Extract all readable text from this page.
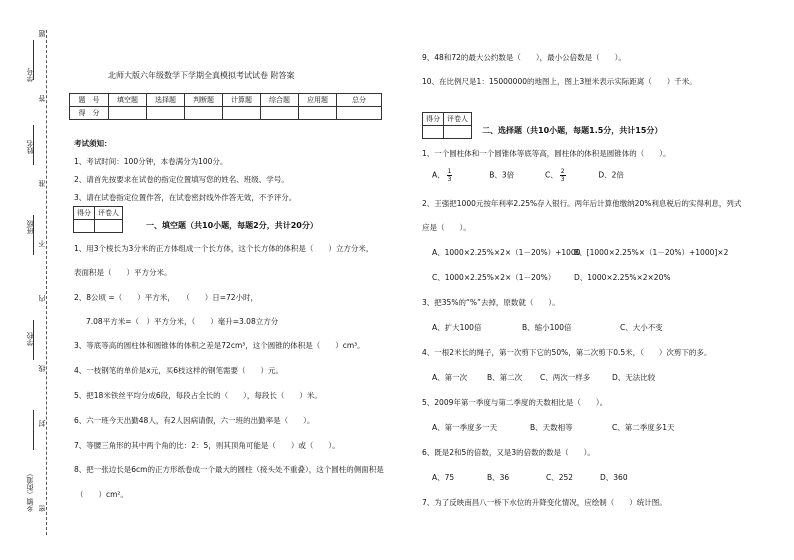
题
学号
答
姓名
准
班级
不
内
学校
线
封
乡镇（街道） 密
北师大版六年级数学下学期全真模拟考试试卷 附答案
题　号	填空题	选择题	判断题	计算题	综合题	应用题	总分
得　分							
考试须知：
1、考试时间：100分钟，本卷满分为100分。
2、请首先按要求在试卷的指定位置填写您的姓名、班级、学号。
3、请在试卷指定位置作答，在试卷密封线外作答无效，不予评分。
得分	评卷人

一、填空题（共10小题，每题2分，共计20分）
1、用3个棱长为3分米的正方体组成一个长方体，这个长方体的体积是（　　）立方分米，
表面积是（　　）平方分米。
2、8公顷 =（　　）平方米，　　（　　）日=72小时，
7.08平方米=（　）平方分米，（　　）毫升=3.08立方分
3、等底等高的圆柱体和圆锥体的体积之差是72cm³，这个圆锥的体积是（　　）cm³。
4、一枝钢笔的单价是x元，买6枝这样的钢笔需要（　　）元。
5、把18米铁丝平均分成6段，每段占全长的（　　），每段长（　　）米。
6、六一班今天出勤48人，有2人因病请假，六一班的出勤率是（　　）。
7、等腰三角形的其中两个角的比：2：5，则其顶角可能是（　　）或（　　）。
8、把一张边长是6cm的正方形纸卷成一个最大的圆柱（接头处不重叠），这个圆柱的侧面积是
（　　）cm²。
9、48和72的最大公约数是（　　），最小公倍数是（　　）。
10、在比例尺是1：15000000的地图上，图上3厘米表示实际距离（　　）千米。
得分	评卷人

二、选择题（共10小题，每题1.5分，共计15分）
1、一个圆柱体和一个圆锥体等底等高，圆柱体的体积是圆锥体的（　　）。
A、 $\frac{1}{3}$	B、3倍	C、 $\frac{2}{3}$	D、2倍
2、王强把1000元按年利率2.25%存入银行。两年后计算他缴纳20%利息税后的实得利息，列式
应是（　　）。
A、1000×2.25%×2×（1－20%）+1000
B、[1000×2.25%×（1－20%）+1000]×2
C、1000×2.25%×2×（1－20%）	D、1000×2.25%×2×20%
3、把35%的“%”去掉，原数就（　　）。
A、扩大100倍	B、缩小100倍	C、大小不变
4、一根2米长的绳子，第一次剪下它的50%，第二次剪下0.5米，（　　）次剪下的多。
A、第一次	B、第二次 C、两次一样多	D、无法比较
5、2009年第一季度与第二季度的天数相比是（　　）。
A、第一季度多一天	B、天数相等	C、第二季度多1天
6、既是2和5的倍数，又是3的倍数的数是（　　）。
A、75	B、36	C、252	D、360
7、为了反映南昌八一桥下水位的升降变化情况，应绘制（　　）统计图。
